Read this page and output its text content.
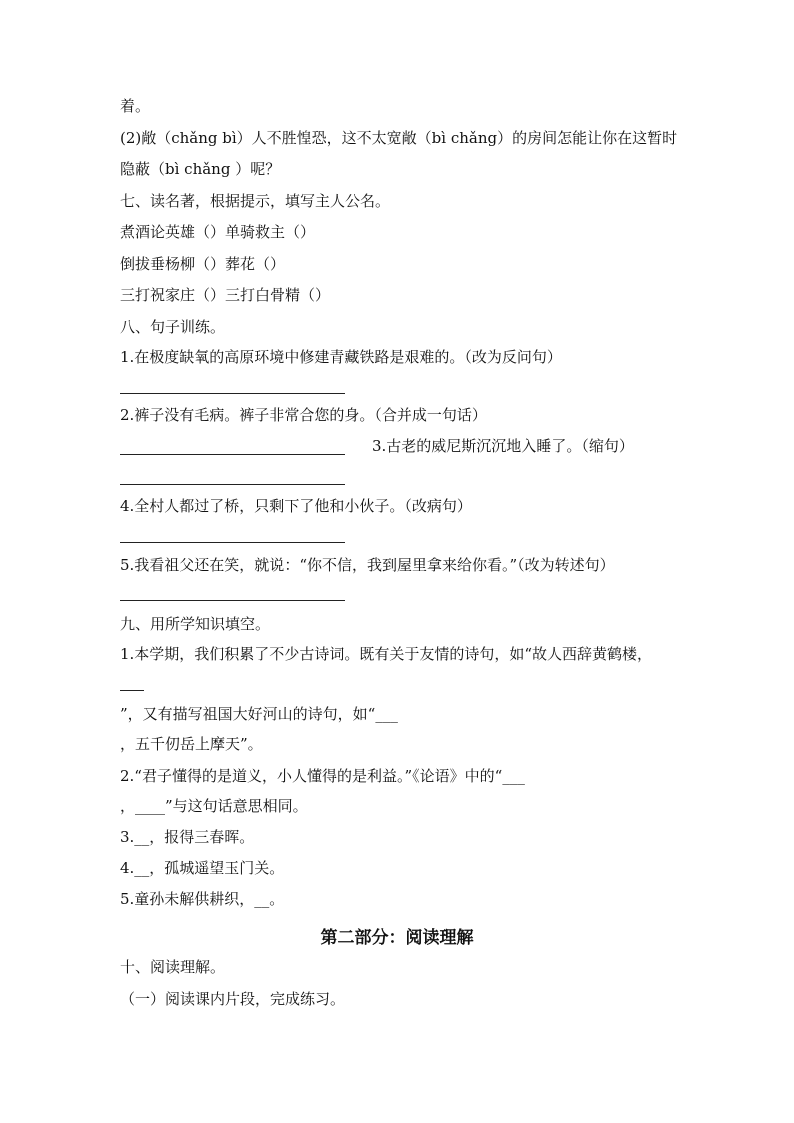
着。
(2)敞（chǎng bì）人不胜惶恐，这不太宽敞（bì chǎng）的房间怎能让你在这暂时
隐蔽（bì chǎng ）呢？
七、读名著，根据提示，填写主人公名。
煮酒论英雄（）单骑救主（）
倒拔垂杨柳（）葬花（）
三打祝家庄（）三打白骨精（）
八、句子训练。
1.在极度缺氧的高原环境中修建青藏铁路是艰难的。（改为反问句）
2.裤子没有毛病。裤子非常合您的身。（合并成一句话）
3.古老的威尼斯沉沉地入睡了。（缩句）
4.全村人都过了桥，只剩下了他和小伙子。（改病句）
5.我看祖父还在笑，就说：“你不信，我到屋里拿来给你看。”（改为转述句）
九、用所学知识填空。
1.本学期，我们积累了不少古诗词。既有关于友情的诗句，如“故人西辞黄鹤楼，
”，又有描写祖国大好河山的诗句，如“___
，五千仞岳上摩天”。
2.“君子懂得的是道义，小人懂得的是利益。”《论语》中的“___
，____”与这句话意思相同。
3.__，报得三春晖。
4.__，孤城遥望玉门关。
5.童孙未解供耕织，__。
第二部分：阅读理解
十、阅读理解。
（一）阅读课内片段，完成练习。
